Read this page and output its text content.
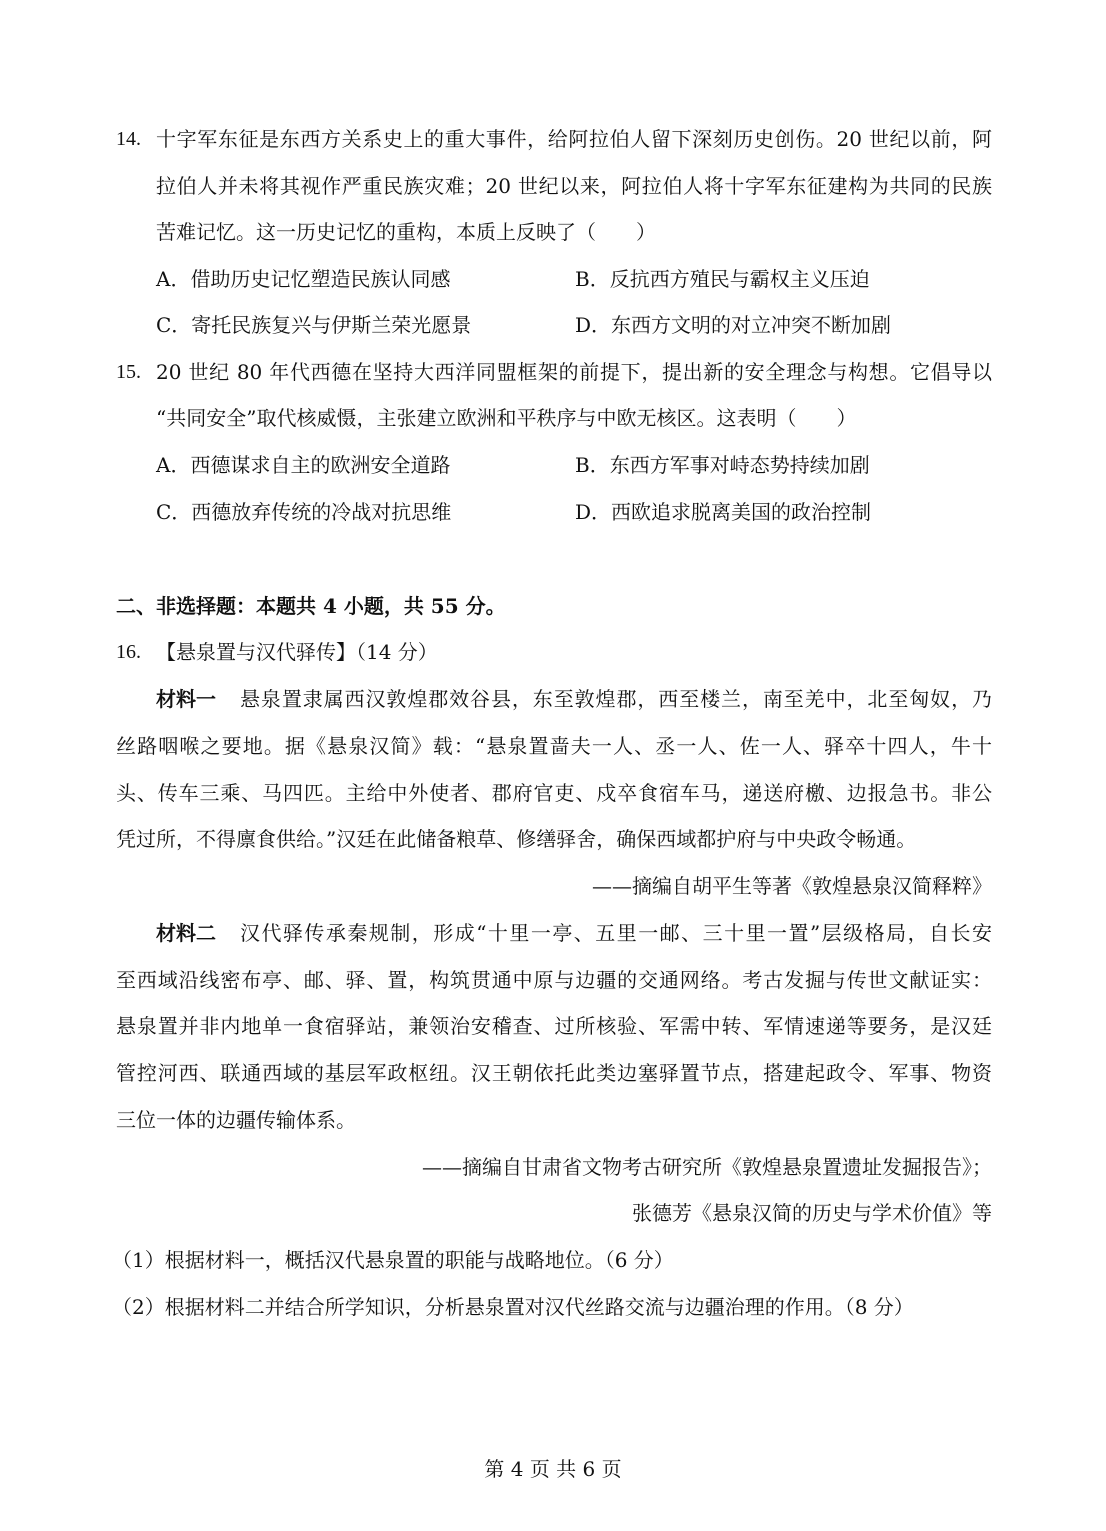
14. 十字军东征是东西方关系史上的重大事件，给阿拉伯人留下深刻历史创伤。20 世纪以前，阿
拉伯人并未将其视作严重民族灾难；20 世纪以来，阿拉伯人将十字军东征建构为共同的民族
苦难记忆。这一历史记忆的重构，本质上反映了（　　）
A．借助历史记忆塑造民族认同感	B．反抗西方殖民与霸权主义压迫
C．寄托民族复兴与伊斯兰荣光愿景	D．东西方文明的对立冲突不断加剧
15. 20 世纪 80 年代西德在坚持大西洋同盟框架的前提下，提出新的安全理念与构想。它倡导以
“共同安全”取代核威慑，主张建立欧洲和平秩序与中欧无核区。这表明（　　）
A．西德谋求自主的欧洲安全道路	B．东西方军事对峙态势持续加剧
C．西德放弃传统的冷战对抗思维	D．西欧追求脱离美国的政治控制
二、非选择题：本题共 4 小题，共 55 分。
16. 【悬泉置与汉代驿传】（14 分）
材料一 悬泉置隶属西汉敦煌郡效谷县，东至敦煌郡，西至楼兰，南至羌中，北至匈奴，乃
丝路咽喉之要地。据《悬泉汉简》载：“悬泉置啬夫一人、丞一人、佐一人、驿卒十四人，牛十
头、传车三乘、马四匹。主给中外使者、郡府官吏、戍卒食宿车马，递送府檄、边报急书。非公
凭过所，不得廪食供给。”汉廷在此储备粮草、修缮驿舍，确保西域都护府与中央政令畅通。
——摘编自胡平生等著《敦煌悬泉汉简释粹》
材料二 汉代驿传承秦规制，形成“十里一亭、五里一邮、三十里一置”层级格局，自长安
至西域沿线密布亭、邮、驿、置，构筑贯通中原与边疆的交通网络。考古发掘与传世文献证实：
悬泉置并非内地单一食宿驿站，兼领治安稽查、过所核验、军需中转、军情速递等要务，是汉廷
管控河西、联通西域的基层军政枢纽。汉王朝依托此类边塞驿置节点，搭建起政令、军事、物资
三位一体的边疆传输体系。
——摘编自甘肃省文物考古研究所《敦煌悬泉置遗址发掘报告》；
张德芳《悬泉汉简的历史与学术价值》等
（1）根据材料一，概括汉代悬泉置的职能与战略地位。（6 分）
（2）根据材料二并结合所学知识，分析悬泉置对汉代丝路交流与边疆治理的作用。（8 分）
第 4 页 共 6 页
